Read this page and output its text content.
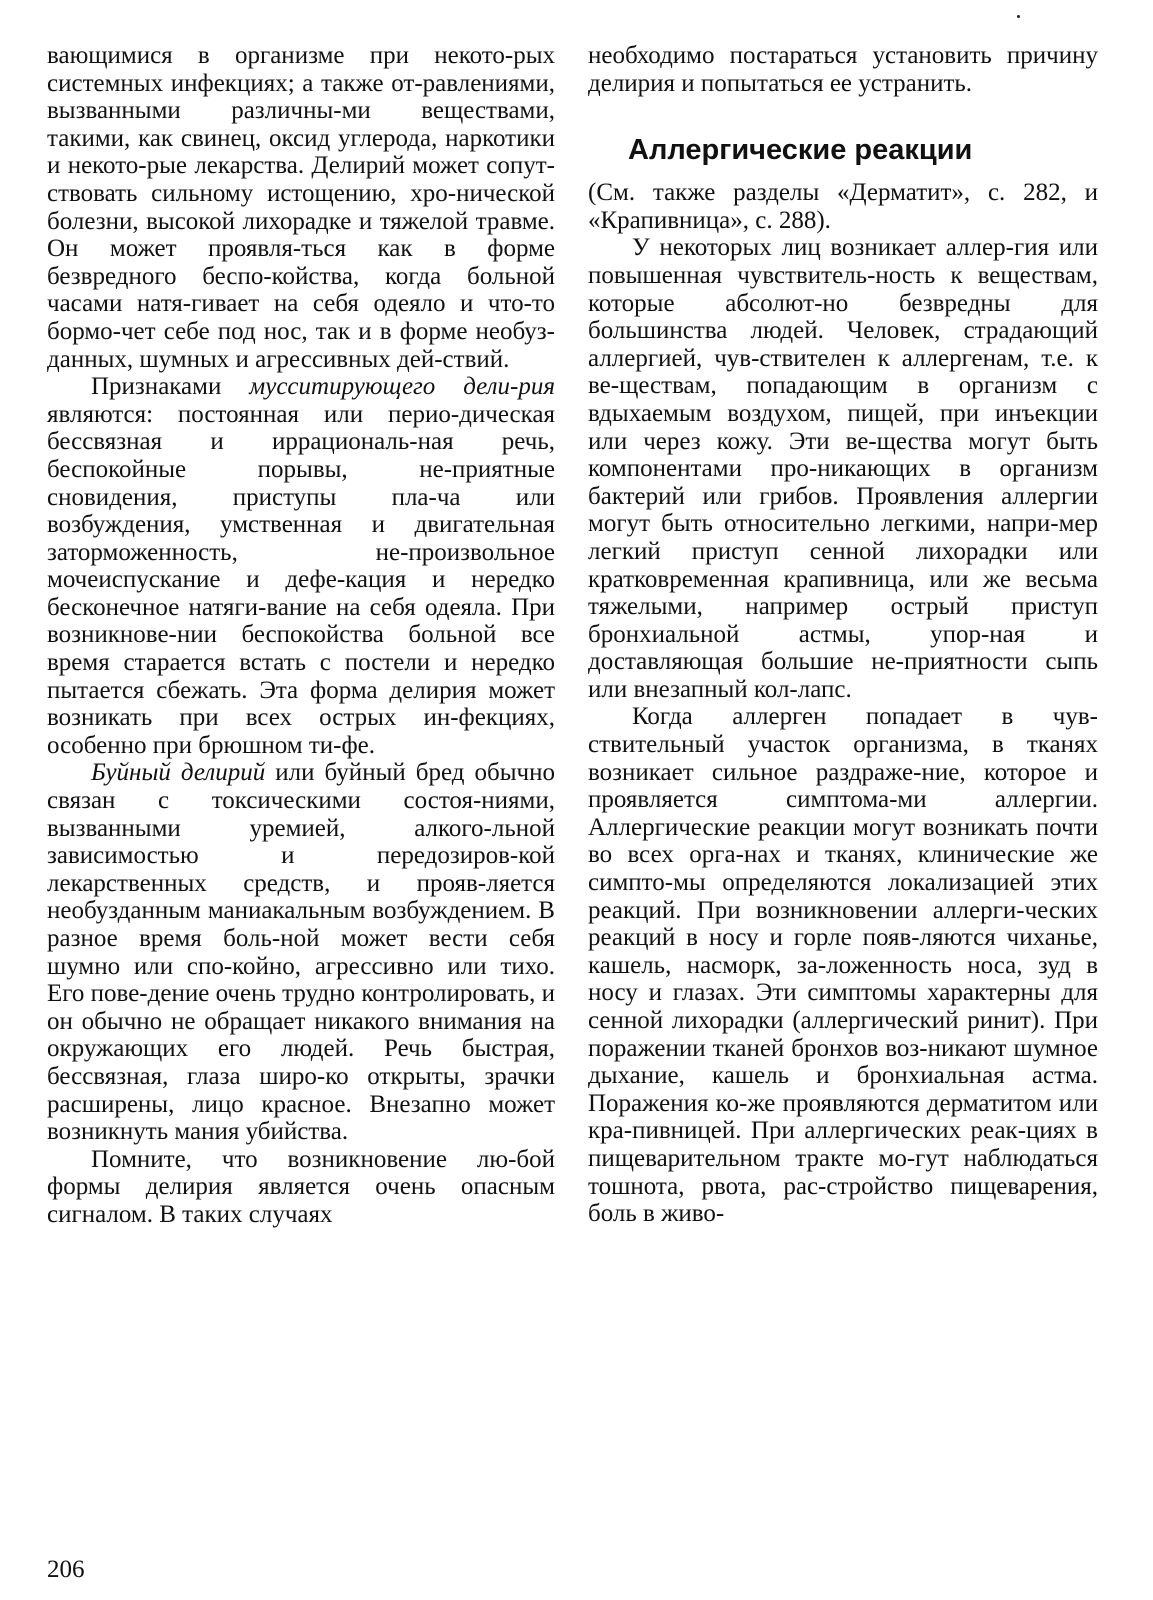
вающимися в организме при некото-рых системных инфекциях; а также от-равлениями, вызванными различны-ми веществами, такими, как свинец, оксид углерода, наркотики и некото-рые лекарства. Делирий может сопут-ствовать сильному истощению, хро-нической болезни, высокой лихорадке и тяжелой травме. Он может проявля-ться как в форме безвредного беспо-койства, когда больной часами натя-гивает на себя одеяло и что-то бормо-чет себе под нос, так и в форме необуз-данных, шумных и агрессивных дей-ствий.

Признаками мусситирующего дели-рия являются: постоянная или перио-дическая бессвязная и иррациональ-ная речь, беспокойные порывы, не-приятные сновидения, приступы пла-ча или возбуждения, умственная и двигательная заторможенность, не-произвольное мочеиспускание и дефе-кация и нередко бесконечное натяги-вание на себя одеяла. При возникнове-нии беспокойства больной все время старается встать с постели и нередко пытается сбежать. Эта форма делирия может возникать при всех острых ин-фекциях, особенно при брюшном ти-фе.

Буйный делирий или буйный бред обычно связан с токсическими состоя-ниями, вызванными уремией, алкого-льной зависимостью и передозиров-кой лекарственных средств, и прояв-ляется необузданным маниакальным возбуждением. В разное время боль-ной может вести себя шумно или спо-койно, агрессивно или тихо. Его пове-дение очень трудно контролировать, и он обычно не обращает никакого внимания на окружающих его людей. Речь быстрая, бессвязная, глаза широ-ко открыты, зрачки расширены, лицо красное. Внезапно может возникнуть мания убийства.

Помните, что возникновение лю-бой формы делирия является очень опасным сигналом. В таких случаях

необходимо постараться установить причину делирия и попытаться ее устранить.

Аллергические реакции

(См. также разделы «Дерматит», с. 282, и «Крапивница», с. 288).

У некоторых лиц возникает аллер-гия или повышенная чувствитель-ность к веществам, которые абсолют-но безвредны для большинства людей. Человек, страдающий аллергией, чув-ствителен к аллергенам, т.е. к ве-ществам, попадающим в организм с вдыхаемым воздухом, пищей, при инъекции или через кожу. Эти ве-щества могут быть компонентами про-никающих в организм бактерий или грибов. Проявления аллергии могут быть относительно легкими, напри-мер легкий приступ сенной лихорадки или кратковременная крапивница, или же весьма тяжелыми, например острый приступ бронхиальной астмы, упор-ная и доставляющая большие не-приятности сыпь или внезапный кол-лапс.

Когда аллерген попадает в чув-ствительный участок организма, в тканях возникает сильное раздраже-ние, которое и проявляется симптома-ми аллергии. Аллергические реакции могут возникать почти во всех орга-нах и тканях, клинические же симпто-мы определяются локализацией этих реакций. При возникновении аллерги-ческих реакций в носу и горле появ-ляются чиханье, кашель, насморк, за-ложенность носа, зуд в носу и глазах. Эти симптомы характерны для сенной лихорадки (аллергический ринит). При поражении тканей бронхов воз-никают шумное дыхание, кашель и бронхиальная астма. Поражения ко-же проявляются дерматитом или кра-пивницей. При аллергических реак-циях в пищеварительном тракте мо-гут наблюдаться тошнота, рвота, рас-стройство пищеварения, боль в живо-

206
